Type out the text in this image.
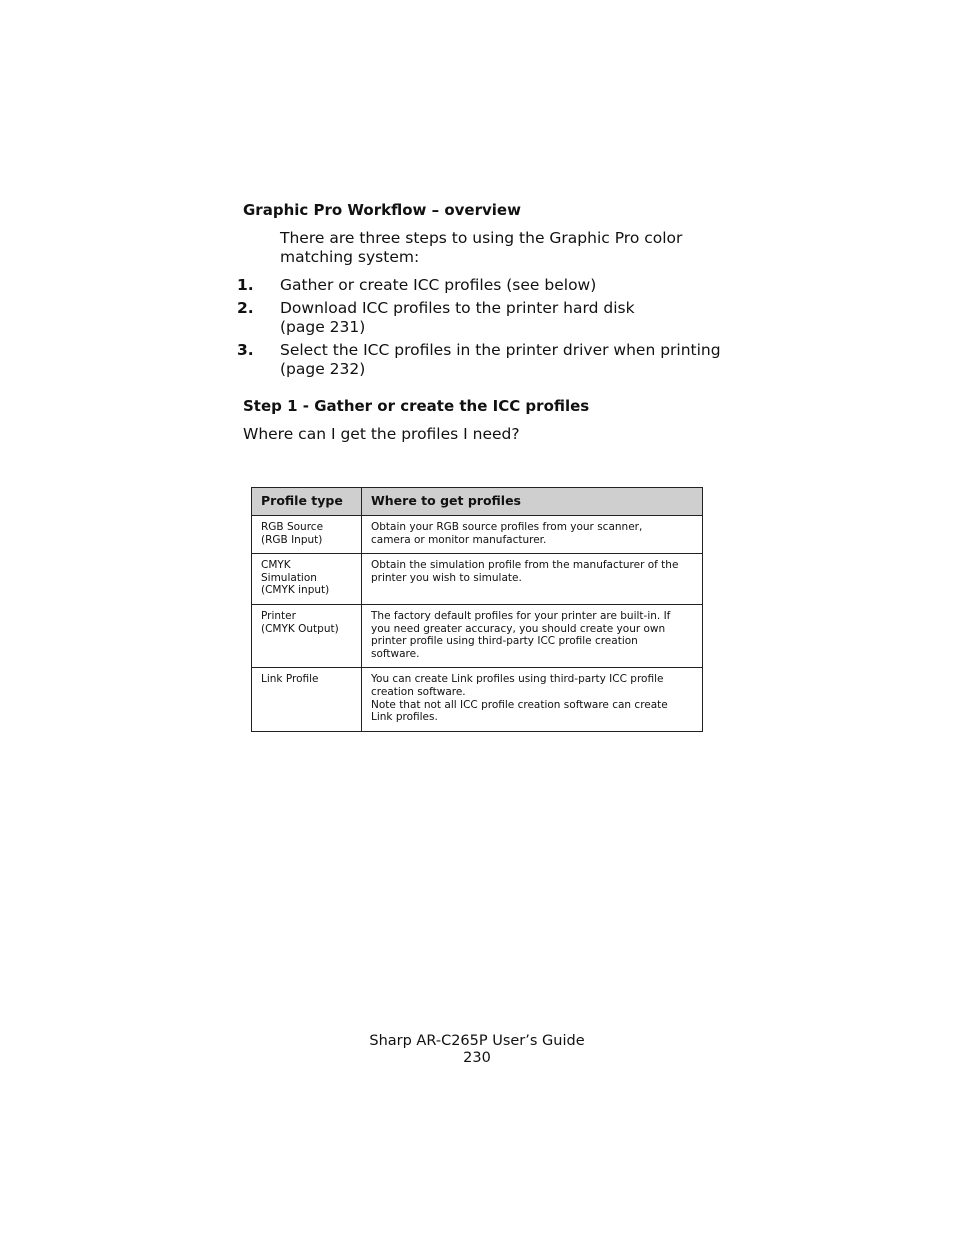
Graphic Pro Workflow – overview
There are three steps to using the Graphic Pro color matching system:
1. Gather or create ICC profiles (see below)
2. Download ICC profiles to the printer hard disk
(page 231)
3. Select the ICC profiles in the printer driver when printing
(page 232)
Step 1 - Gather or create the ICC profiles
Where can I get the profiles I need?
Profile type	Where to get profiles
RGB Source
(RGB Input)	Obtain your RGB source profiles from your scanner,
camera or monitor manufacturer.
CMYK
Simulation
(CMYK input)	Obtain the simulation profile from the manufacturer of the
printer you wish to simulate.
Printer
(CMYK Output)	The factory default profiles for your printer are built-in. If
you need greater accuracy, you should create your own
printer profile using third-party ICC profile creation
software.
Link Profile	You can create Link profiles using third-party ICC profile
creation software.
Note that not all ICC profile creation software can create
Link profiles.
Sharp AR-C265P User’s Guide
230
